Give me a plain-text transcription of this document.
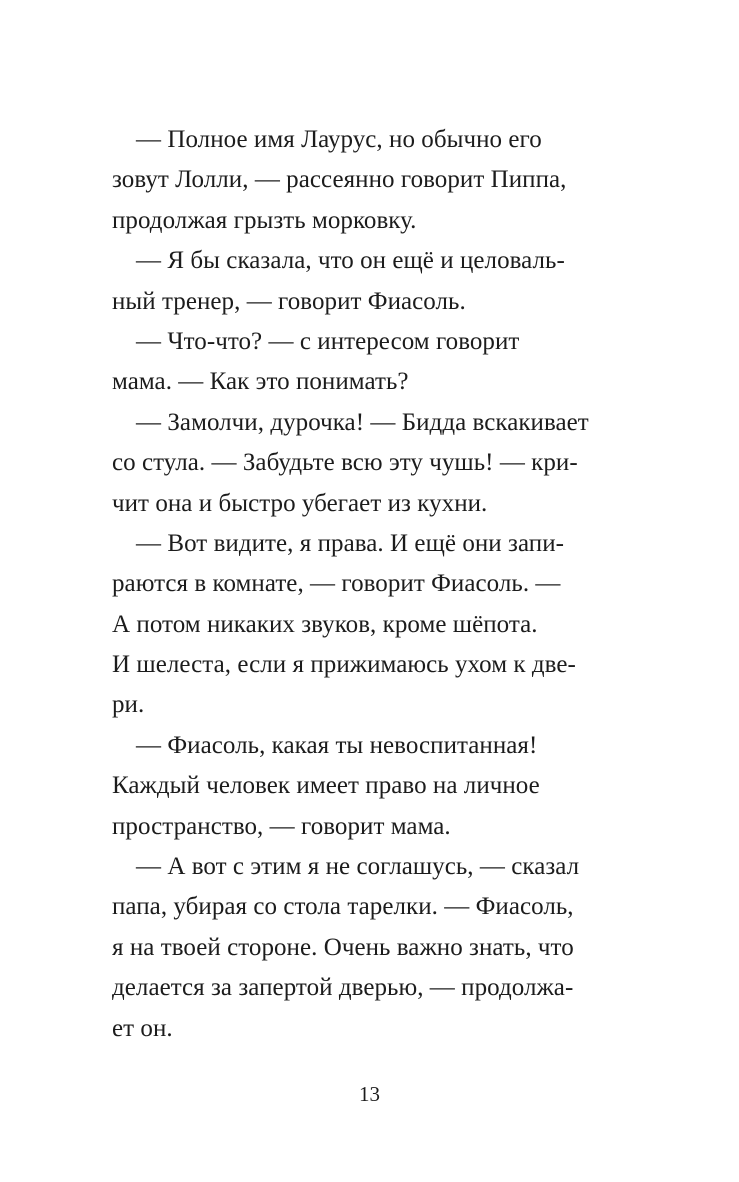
— Полное имя Лаурус, но обычно его
зовут Лолли, — рассеянно говорит Пиппа,
продолжая грызть морковку.
— Я бы сказала, что он ещё и целоваль-
ный тренер, — говорит Фиасоль.
— Что-что? — с интересом говорит
мама. — Как это понимать?
— Замолчи, дурочка! — Бидда вскакивает
со стула. — Забудьте всю эту чушь! — кри-
чит она и быстро убегает из кухни.
— Вот видите, я права. И ещё они запи-
раются в комнате, — говорит Фиасоль. —
А потом никаких звуков, кроме шёпота.
И шелеста, если я прижимаюсь ухом к две-
ри.
— Фиасоль, какая ты невоспитанная!
Каждый человек имеет право на личное
пространство, — говорит мама.
— А вот с этим я не соглашусь, — сказал
папа, убирая со стола тарелки. — Фиасоль,
я на твоей стороне. Очень важно знать, что
делается за запертой дверью, — продолжа-
ет он.
13
